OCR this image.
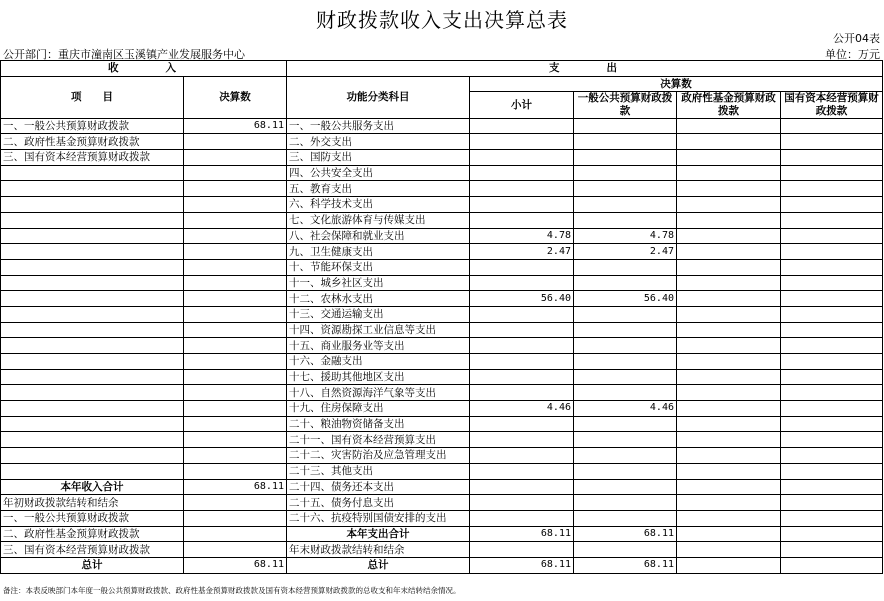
财政拨款收入支出决算总表
公开04表
公开部门：重庆市潼南区玉溪镇产业发展服务中心	单位：万元
收 入		支 出				
项　　目	决算数	功能分类科目	决算数			
			小计	一般公共预算财政拨款	政府性基金预算财政拨款	国有资本经营预算财政拨款

一、一般公共预算财政拨款	68.11	一、一般公共服务支出				
二、政府性基金预算财政拨款		二、外交支出				
三、国有资本经营预算财政拨款		三、国防支出				
		四、公共安全支出				
		五、教育支出				
		六、科学技术支出				
		七、文化旅游体育与传媒支出				
		八、社会保障和就业支出	4.78	4.78		
		九、卫生健康支出	2.47	2.47		
		十、节能环保支出				
		十一、城乡社区支出				
		十二、农林水支出	56.40	56.40		
		十三、交通运输支出				
		十四、资源勘探工业信息等支出				
		十五、商业服务业等支出				
		十六、金融支出				
		十七、援助其他地区支出				
		十八、自然资源海洋气象等支出				
		十九、住房保障支出	4.46	4.46		
		二十、粮油物资储备支出				
		二十一、国有资本经营预算支出				
		二十二、灾害防治及应急管理支出				
		二十三、其他支出				
本年收入合计	68.11	二十四、债务还本支出				
年初财政拨款结转和结余		二十五、债务付息支出				
一、一般公共预算财政拨款		二十六、抗疫特别国债安排的支出				
二、政府性基金预算财政拨款		本年支出合计	68.11	68.11		
三、国有资本经营预算财政拨款		年末财政拨款结转和结余				
总计	68.11	总计	68.11	68.11		
备注：本表反映部门本年度一般公共预算财政拨款、政府性基金预算财政拨款及国有资本经营预算财政拨款的总收支和年末结转结余情况。
